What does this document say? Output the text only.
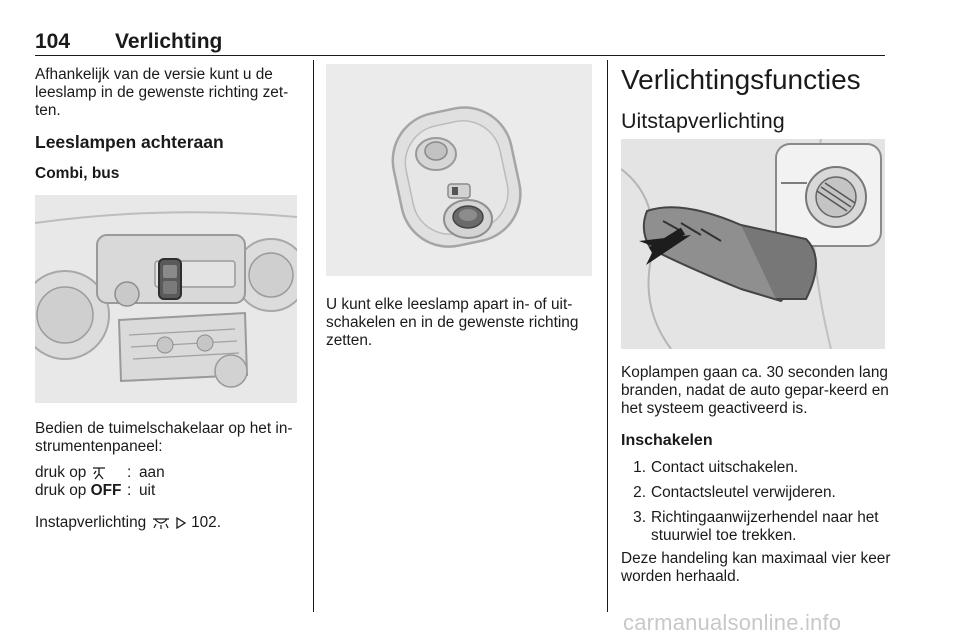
104 Verlichting

Afhankelijk van de versie kunt u de leeslamp in de gewenste richting zet-ten.

Leeslampen achteraan

Combi, bus

Bedien de tuimelschakelaar op het in-strumentenpaneel:

druk op	: aan
druk op OFF : uit

Instapverlichting	102.

U kunt elke leeslamp apart in- of uit-schakelen en in de gewenste richting zetten.

Verlichtingsfuncties

Uitstapverlichting

Koplampen gaan ca. 30 seconden lang branden, nadat de auto gepar-keerd en het systeem geactiveerd is.

Inschakelen

1. Contact uitschakelen.
2. Contactsleutel verwijderen.
3. Richtingaanwijzerhendel naar het stuurwiel toe trekken.

Deze handeling kan maximaal vier keer worden herhaald.

carmanualsonline.info
